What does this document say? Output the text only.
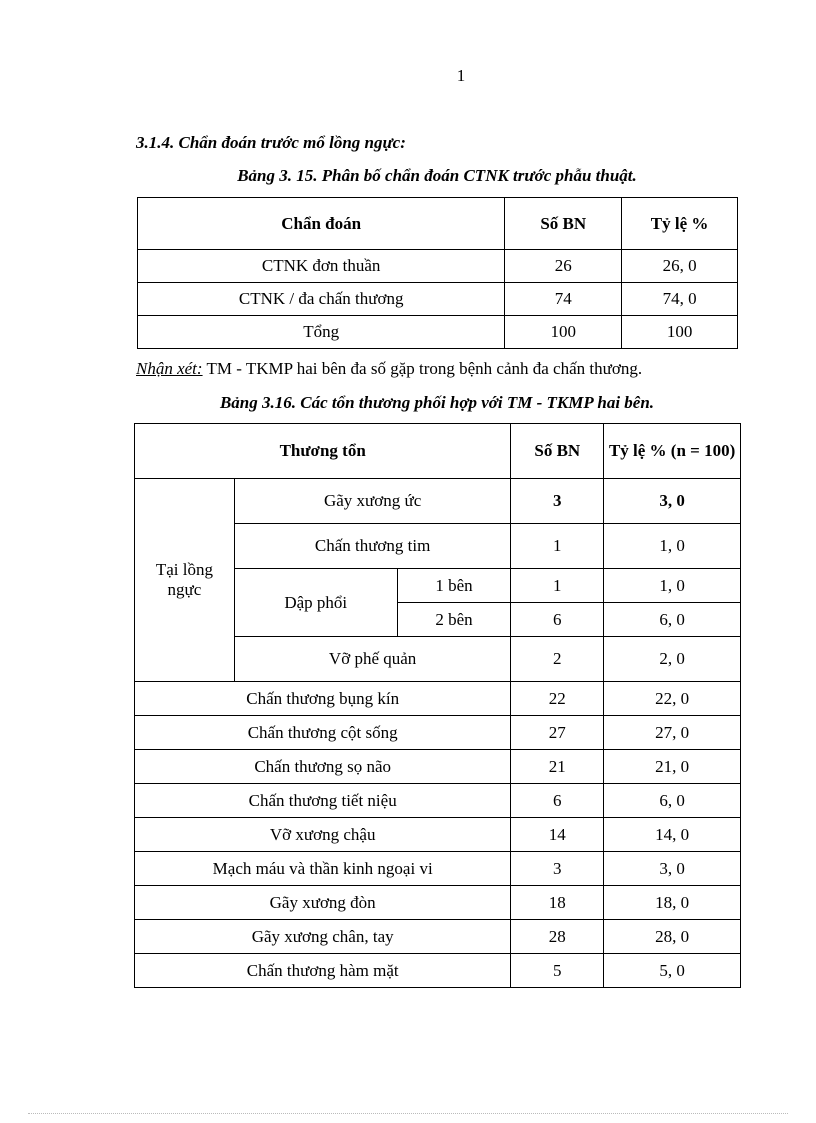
1
3.1.4. Chẩn đoán trước mổ lồng ngực:
Bảng 3. 15. Phân bố chẩn đoán CTNK trước phẫu thuật.
Chẩn đoán	Số BN	Tỷ lệ %
CTNK đơn thuần	26	26, 0
CTNK / đa chấn thương	74	74, 0
Tổng	100	100
Nhận xét: TM - TKMP hai bên đa số gặp trong bệnh cảnh đa chấn thương.
Bảng 3.16. Các tổn thương phối hợp với TM - TKMP hai bên.
Thương tổn			Số BN	Tỷ lệ % (n = 100)
Tại lồng ngực	Gãy xương ức		3	3, 0
	Chấn thương tim		1	1, 0
	Dập phổi	1 bên	1	1, 0
		2 bên	6	6, 0
	Vỡ phế quản		2	2, 0
Chấn thương bụng kín			22	22, 0
Chấn thương cột sống			27	27, 0
Chấn thương sọ não			21	21, 0
Chấn thương tiết niệu			6	6, 0
Vỡ xương chậu			14	14, 0
Mạch máu và thần kinh ngoại vi			3	3, 0
Gãy xương đòn			18	18, 0
Gãy xương chân, tay			28	28, 0
Chấn thương hàm mặt			5	5, 0
